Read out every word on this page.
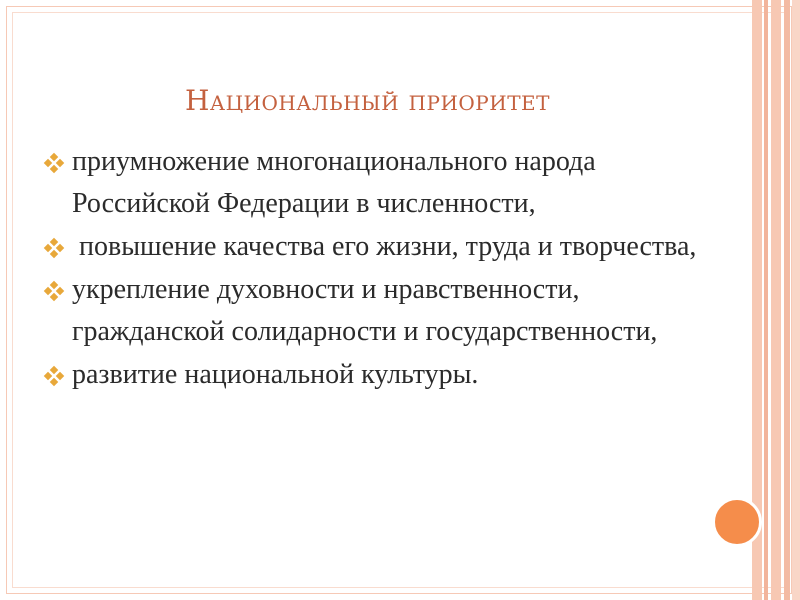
Национальный приоритет
приумножение многонационального народа Российской Федерации в численности,
повышение качества его жизни, труда и творчества,
укрепление духовности и нравственности, гражданской солидарности и государственности,
развитие национальной культуры.
